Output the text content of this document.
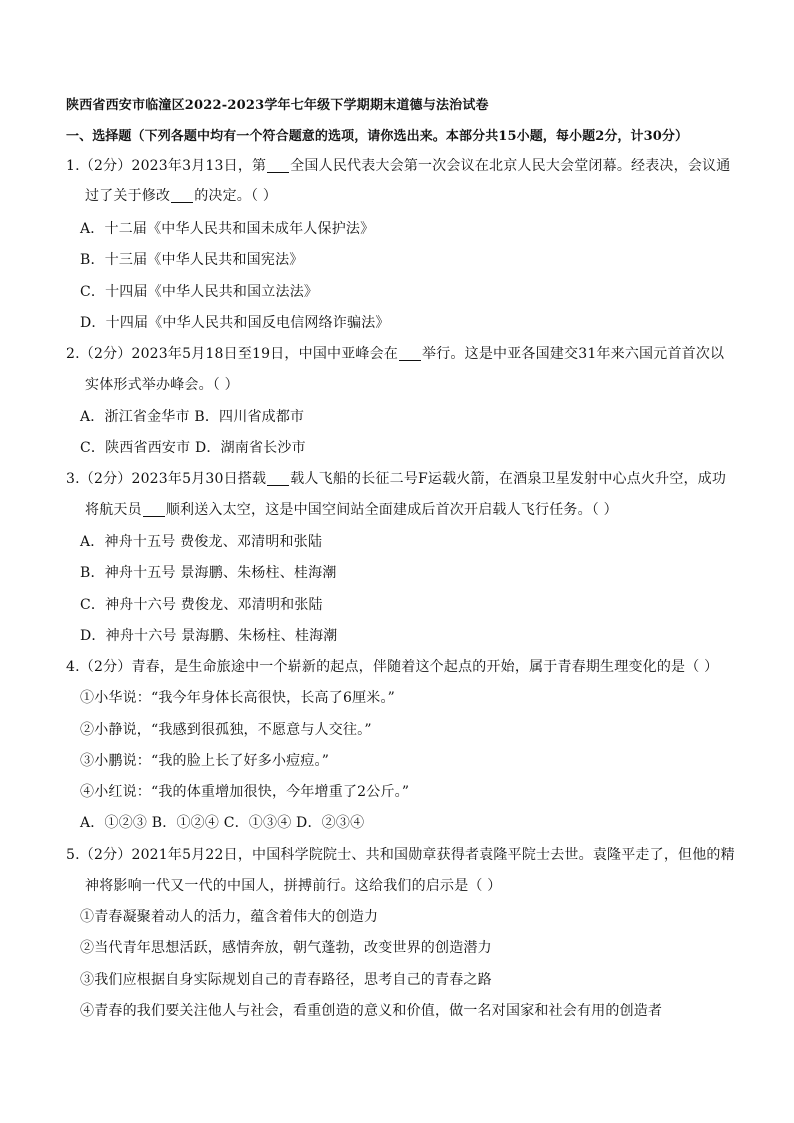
陕西省西安市临潼区2022-2023学年七年级下学期期末道德与法治试卷
一、选择题（下列各题中均有一个符合题意的选项，请你选出来。本部分共15小题，每小题2分，计30分）
1.（2分）2023年3月13日，第 全国人民代表大会第一次会议在北京人民大会堂闭幕。经表决，会议通
过了关于修改 的决定。（ ）
A．十二届《中华人民共和国未成年人保护法》
B．十三届《中华人民共和国宪法》
C．十四届《中华人民共和国立法法》
D．十四届《中华人民共和国反电信网络诈骗法》
2.（2分）2023年5月18日至19日，中国中亚峰会在 举行。这是中亚各国建交31年来六国元首首次以
实体形式举办峰会。（ ）
A．浙江省金华市 B．四川省成都市
C．陕西省西安市 D．湖南省长沙市
3.（2分）2023年5月30日搭载 载人飞船的长征二号F运载火箭，在酒泉卫星发射中心点火升空，成功
将航天员 顺利送入太空，这是中国空间站全面建成后首次开启载人飞行任务。（ ）
A．神舟十五号 费俊龙、邓清明和张陆
B．神舟十五号 景海鹏、朱杨柱、桂海潮
C．神舟十六号 费俊龙、邓清明和张陆
D．神舟十六号 景海鹏、朱杨柱、桂海潮
4.（2分）青春，是生命旅途中一个崭新的起点，伴随着这个起点的开始，属于青春期生理变化的是（ ）
①小华说：“我今年身体长高很快，长高了6厘米。”
②小静说，“我感到很孤独，不愿意与人交往。”
③小鹏说：“我的脸上长了好多小痘痘。”
④小红说：“我的体重增加很快，今年增重了2公斤。”
A．①②③ B．①②④ C．①③④ D．②③④
5.（2分）2021年5月22日，中国科学院院士、共和国勋章获得者袁隆平院士去世。袁隆平走了，但他的精
神将影响一代又一代的中国人，拼搏前行。这给我们的启示是（ ）
①青春凝聚着动人的活力，蕴含着伟大的创造力
②当代青年思想活跃，感情奔放，朝气蓬勃，改变世界的创造潜力
③我们应根据自身实际规划自己的青春路径，思考自己的青春之路
④青春的我们要关注他人与社会，看重创造的意义和价值，做一名对国家和社会有用的创造者
